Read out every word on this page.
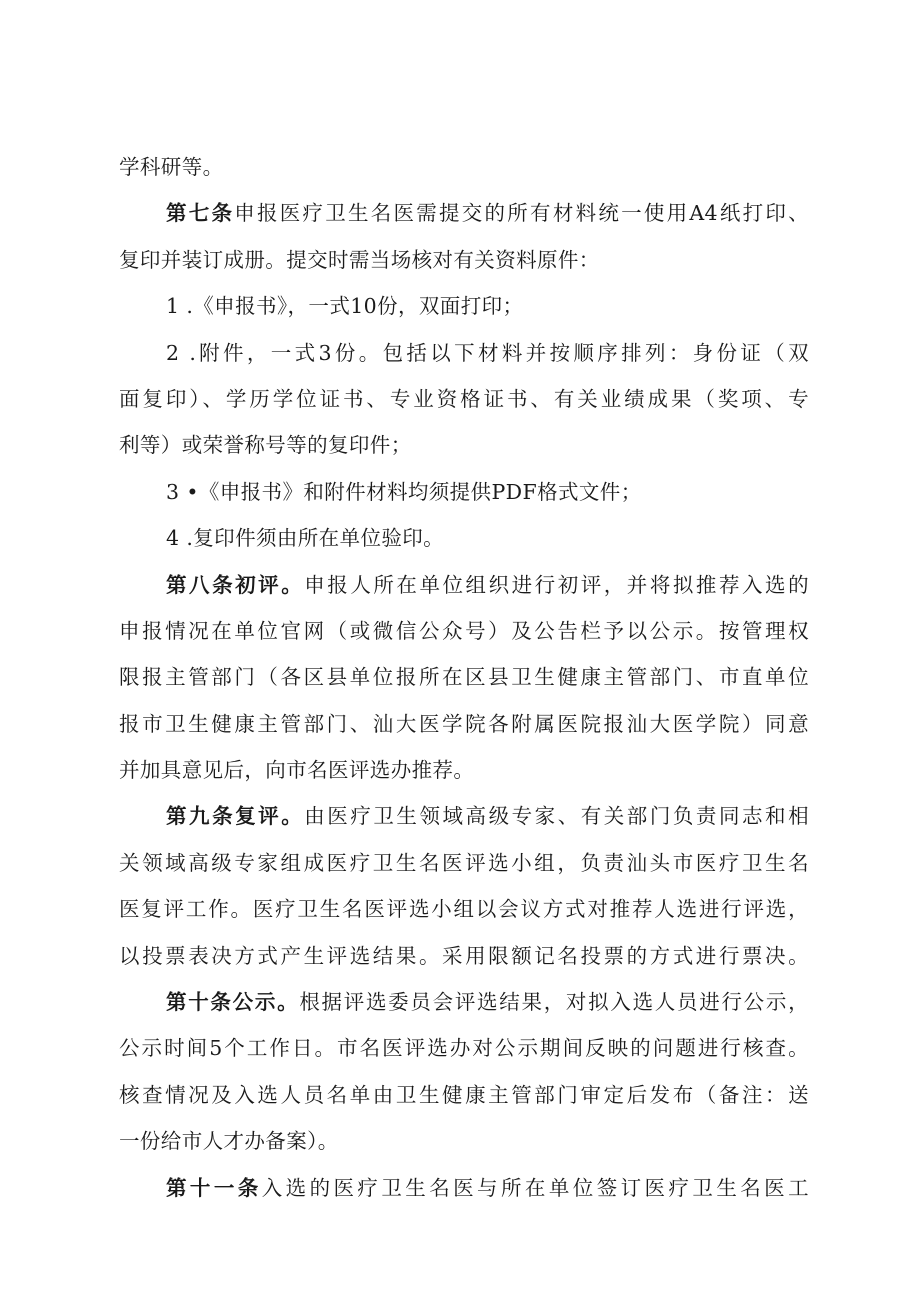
学科研等。
第七条申报医疗卫生名医需提交的所有材料统一使用A4纸打印、
复印并装订成册。提交时需当场核对有关资料原件：
1 .《申报书》，一式10份，双面打印；
2 .附件，一式3份。包括以下材料并按顺序排列：身份证（双
面复印）、学历学位证书、专业资格证书、有关业绩成果（奖项、专
利等）或荣誉称号等的复印件；
3 •《申报书》和附件材料均须提供PDF格式文件；
4 .复印件须由所在单位验印。
第八条初评。申报人所在单位组织进行初评，并将拟推荐入选的
申报情况在单位官网（或微信公众号）及公告栏予以公示。按管理权
限报主管部门（各区县单位报所在区县卫生健康主管部门、市直单位
报市卫生健康主管部门、汕大医学院各附属医院报汕大医学院）同意
并加具意见后，向市名医评选办推荐。
第九条复评。由医疗卫生领域高级专家、有关部门负责同志和相
关领域高级专家组成医疗卫生名医评选小组，负责汕头市医疗卫生名
医复评工作。医疗卫生名医评选小组以会议方式对推荐人选进行评选，
以投票表决方式产生评选结果。采用限额记名投票的方式进行票决。
第十条公示。根据评选委员会评选结果，对拟入选人员进行公示，
公示时间5个工作日。市名医评选办对公示期间反映的问题进行核查。
核查情况及入选人员名单由卫生健康主管部门审定后发布（备注：送
一份给市人才办备案）。
第十一条入选的医疗卫生名医与所在单位签订医疗卫生名医工
